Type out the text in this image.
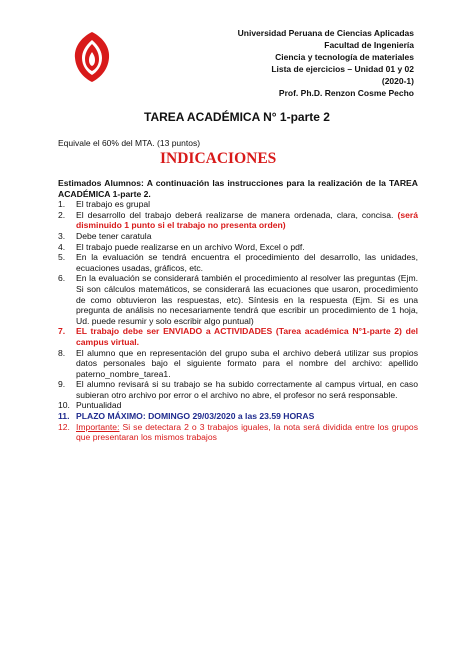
Universidad Peruana de Ciencias Aplicadas
Facultad de Ingeniería
Ciencia y tecnología de materiales
Lista de ejercicios – Unidad 01 y 02
(2020-1)
Prof. Ph.D. Renzon Cosme Pecho
TAREA ACADÉMICA N° 1-parte 2
Equivale el 60% del MTA. (13 puntos)
INDICACIONES
Estimados Alumnos: A continuación las instrucciones para la realización de la TAREA ACADÉMICA 1-parte 2.
1. El trabajo es grupal
2. El desarrollo del trabajo deberá realizarse de manera ordenada, clara, concisa. (será disminuido 1 punto si el trabajo no presenta orden)
3. Debe tener caratula
4. El trabajo puede realizarse en un archivo Word, Excel o pdf.
5. En la evaluación se tendrá encuentra el procedimiento del desarrollo, las unidades, ecuaciones usadas, gráficos, etc.
6. En la evaluación se considerará también el procedimiento al resolver las preguntas (Ejm. Si son cálculos matemáticos, se considerará las ecuaciones que usaron, procedimiento de como obtuvieron las respuestas, etc). Síntesis en la respuesta (Ejm. Si es una pregunta de análisis no necesariamente tendrá que escribir un procedimiento de 1 hoja, Ud. puede resumir y solo escribir algo puntual)
7. EL trabajo debe ser ENVIADO a ACTIVIDADES (Tarea académica N°1-parte 2) del campus virtual.
8. El alumno que en representación del grupo suba el archivo deberá utilizar sus propios datos personales bajo el siguiente formato para el nombre del archivo: apellido paterno_nombre_tarea1.
9. El alumno revisará si su trabajo se ha subido correctamente al campus virtual, en caso subieran otro archivo por error o el archivo no abre, el profesor no será responsable.
10. Puntualidad
11. PLAZO MÁXIMO: DOMINGO 29/03/2020 a las 23.59 HORAS
12. Importante: Si se detectara 2 o 3 trabajos iguales, la nota será dividida entre los grupos que presentaran los mismos trabajos
